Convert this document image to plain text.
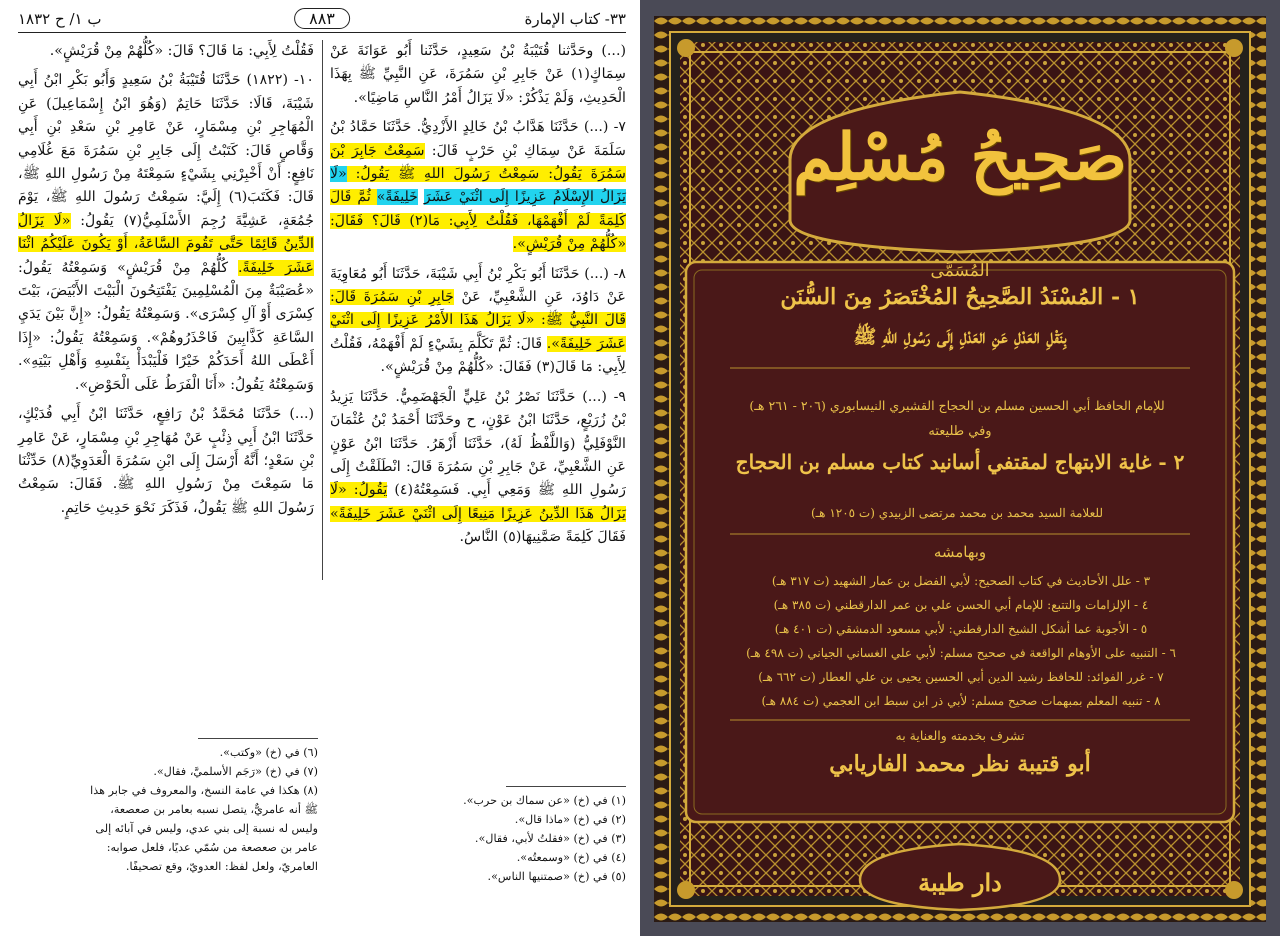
٣٣- كتاب الإمارة
٨٨٣
ب ١/ ح ١٨٣٢

(...) وحَدَّثنا قُتَيْبَةُ بْنُ سَعِيدٍ، حَدَّثَنا أَبُو عَوَانَةَ عَنْ سِمَاكٍ(١) عَنْ جَابِرِ بْنِ سَمُرَةَ، عَنِ النَّبِيِّ ﷺ بِهَذَا الْحَدِيثِ، وَلَمْ يَذْكُرْ: «لَا يَزَالُ أَمْرُ النَّاسِ مَاضِيًا».

٧- (...) حَدَّثَنَا هَدَّابُ بْنُ خَالِدٍ الأَزْدِيُّ. حَدَّثَنَا حَمَّادُ بْنُ سَلَمَةَ عَنْ سِمَاكِ بْنِ حَرْبٍ قَالَ: سَمِعْتُ جَابِرَ بْنَ سَمُرَةَ يَقُولُ: سَمِعْتُ رَسُولَ اللهِ ﷺ يَقُولُ: «لَا يَزَالُ الإِسْلَامُ عَزِيزًا إِلَى اثْنَيْ عَشَرَ خَلِيفَةً» ثُمَّ قَالَ كَلِمَةً لَمْ أَفْهَمْهَا، فَقُلْتُ لِأَبِي: مَا(٢) قَالَ؟ فَقَالَ: «كُلُّهُمْ مِنْ قُرَيْشٍ».

٨- (...) حَدَّثَنَا أَبُو بَكْرِ بْنُ أَبِي شَيْبَةَ، حَدَّثَنَا أَبُو مُعَاوِيَةَ عَنْ دَاوُدَ، عَنِ الشَّعْبِيِّ، عَنْ جَابِرِ بْنِ سَمُرَةَ قَالَ: قَالَ النَّبِيُّ ﷺ: «لَا يَزَالُ هَذَا الأَمْرُ عَزِيزًا إِلَى اثْنَيْ عَشَرَ خَلِيفَةً». قَالَ: ثُمَّ تَكَلَّمَ بِشَيْءٍ لَمْ أَفْهَمْهُ، فَقُلْتُ لِأَبِي: مَا قَالَ(٣) فَقَالَ: «كُلُّهُمْ مِنْ قُرَيْشٍ».

٩- (...) حَدَّثَنَا نَصْرُ بْنُ عَلِيٍّ الْجَهْضَمِيُّ. حَدَّثَنَا يَزِيدُ بْنُ زُرَيْعٍ، حَدَّثَنَا ابْنُ عَوْنٍ، ح وحَدَّثَنَا أَحْمَدُ بْنُ عُثْمَانَ النَّوْفَلِيُّ (وَاللَّفْظُ لَهُ)، حَدَّثَنَا أَزْهَرُ. حَدَّثَنَا ابْنُ عَوْنٍ عَنِ الشَّعْبِيِّ، عَنْ جَابِرِ بْنِ سَمُرَةَ قَالَ: انْطَلَقْتُ إِلَى رَسُولِ اللهِ ﷺ وَمَعِي أَبِي. فَسَمِعْتُهُ(٤) يَقُولُ: «لَا يَزَالُ هَذَا الدِّينُ عَزِيزًا مَنِيعًا إِلَى اثْنَيْ عَشَرَ خَلِيفَةً» فَقَالَ كَلِمَةً صَمَّنِيهَا(٥) النَّاسُ.

فَقُلْتُ لِأَبِي: مَا قَالَ؟ قَالَ: «كُلُّهُمْ مِنْ قُرَيْشٍ».

١٠- (١٨٢٢) حَدَّثَنَا قُتَيْبَةُ بْنُ سَعِيدٍ وَأَبُو بَكْرِ ابْنُ أَبِي شَيْبَةَ، قَالَا: حَدَّثَنَا حَاتِمٌ (وَهُوَ ابْنُ إِسْمَاعِيلَ) عَنِ الْمُهَاجِرِ بْنِ مِسْمَارٍ، عَنْ عَامِرِ بْنِ سَعْدِ بْنِ أَبِي وَقَّاصٍ قَالَ: كَتَبْتُ إِلَى جَابِرِ بْنِ سَمُرَةَ مَعَ غُلَامِي نَافِعٍ: أَنْ أَخْبِرْنِي بِشَيْءٍ سَمِعْتَهُ مِنْ رَسُولِ اللهِ ﷺ، قَالَ: فَكَتَبَ(٦) إِلَيَّ: سَمِعْتُ رَسُولَ اللهِ ﷺ، يَوْمَ جُمُعَةٍ، عَشِيَّةَ رُجِمَ الأَسْلَمِيُّ(٧) يَقُولُ: «لَا يَزَالُ الدِّينُ قَائِمًا حَتَّى تَقُومَ السَّاعَةُ، أَوْ يَكُونَ عَلَيْكُمُ اثْنَا عَشَرَ خَلِيفَةً. كُلُّهُمْ مِنْ قُرَيْشٍ» وَسَمِعْتُهُ يَقُولُ: «عُصَيْبَةٌ مِنَ الْمُسْلِمِينَ يَفْتَتِحُونَ الْبَيْتَ الأَبْيَضَ، بَيْتَ كِسْرَى أَوْ آلِ كِسْرَى». وَسَمِعْتُهُ يَقُولُ: «إِنَّ بَيْنَ يَدَيِ السَّاعَةِ كَذَّابِينَ فَاحْذَرُوهُمْ». وَسَمِعْتُهُ يَقُولُ: «إِذَا أَعْطَى اللهُ أَحَدَكُمْ خَيْرًا فَلْيَبْدَأْ بِنَفْسِهِ وَأَهْلِ بَيْتِهِ». وَسَمِعْتُهُ يَقُولُ: «أَنَا الْفَرَطُ عَلَى الْحَوْضِ».

(...) حَدَّثَنَا مُحَمَّدُ بْنُ رَافِعٍ، حَدَّثَنَا ابْنُ أَبِي فُدَيْكٍ، حَدَّثَنَا ابْنُ أَبِي ذِئْبٍ عَنْ مُهَاجِرِ بْنِ مِسْمَارٍ، عَنْ عَامِرِ بْنِ سَعْدٍ؛ أَنَّهُ أَرْسَلَ إِلَى ابْنِ سَمُرَةَ الْعَدَوِيِّ(٨) حَدِّثْنَا مَا سَمِعْتَ مِنْ رَسُولِ اللهِ ﷺ. فَقَالَ: سَمِعْتُ رَسُولَ اللهِ ﷺ يَقُولُ، فَذَكَرَ نَحْوَ حَدِيثِ حَاتِمٍ.

(١) في (خ) «عن سماك بن حرب».
(٢) في (خ) «ماذا قال».
(٣) في (خ) «فقلتُ لأبي، فقال».
(٤) في (خ) «وسمعتُه».
(٥) في (خ) «صمتنيها الناس».
(٦) في (خ) «وكتب».
(٧) في (خ) «رَجَم الأسلميَّ، فقال».
(٨) هكذا في عامة النسخ، والمعروف في جابر هذا
ﷺ أنه عامريٌّ، يتصل نسبه بعامر بن صعصعة،
وليس له نسبة إلى بني عدي، وليس في آبائه إلى
عامر بن صعصعة من سُمّي عديًا، فلعل صوابه:
العامريّ، ولعل لفظ: العدويّ، وقع تصحيفًا.
صَحِيحُ مُسْلِم
المُسَمَّى
١ - المُسْنَدُ الصَّحِيحُ المُخْتَصَرُ مِنَ السُّنَن
بِنَقْلِ العَدْلِ عَنِ العَدْلِ إِلَى رَسُولِ اللهِ ﷺ
للإمام الحافظ أبي الحسين مسلم بن الحجاج القشيري النيسابوري (٢٠٦ - ٢٦١ هـ)
وفي طليعته
٢ - غاية الابتهاج لمقتفي أسانيد كتاب مسلم بن الحجاج
للعلامة السيد محمد بن محمد مرتضى الزبيدي (ت ١٢٠٥ هـ)
وبهامشه
٣ - علل الأحاديث في كتاب الصحيح: لأبي الفضل بن عمار الشهيد (ت ٣١٧ هـ)
٤ - الإلزامات والتتبع: للإمام أبي الحسن علي بن عمر الدارقطني (ت ٣٨٥ هـ)
٥ - الأجوبة عما أشكل الشيخ الدارقطني: لأبي مسعود الدمشقي (ت ٤٠١ هـ)
٦ - التنبيه على الأوهام الواقعة في صحيح مسلم: لأبي علي الغساني الجياني (ت ٤٩٨ هـ)
٧ - غرر الفوائد: للحافظ رشيد الدين أبي الحسين يحيى بن علي العطار (ت ٦٦٢ هـ)
٨ - تنبيه المعلم بمبهمات صحيح مسلم: لأبي ذر ابن سبط ابن العجمي (ت ٨٨٤ هـ)
تشرف بخدمته والعناية به
أبو قتيبة نظر محمد الفاريابي
دار طيبة
